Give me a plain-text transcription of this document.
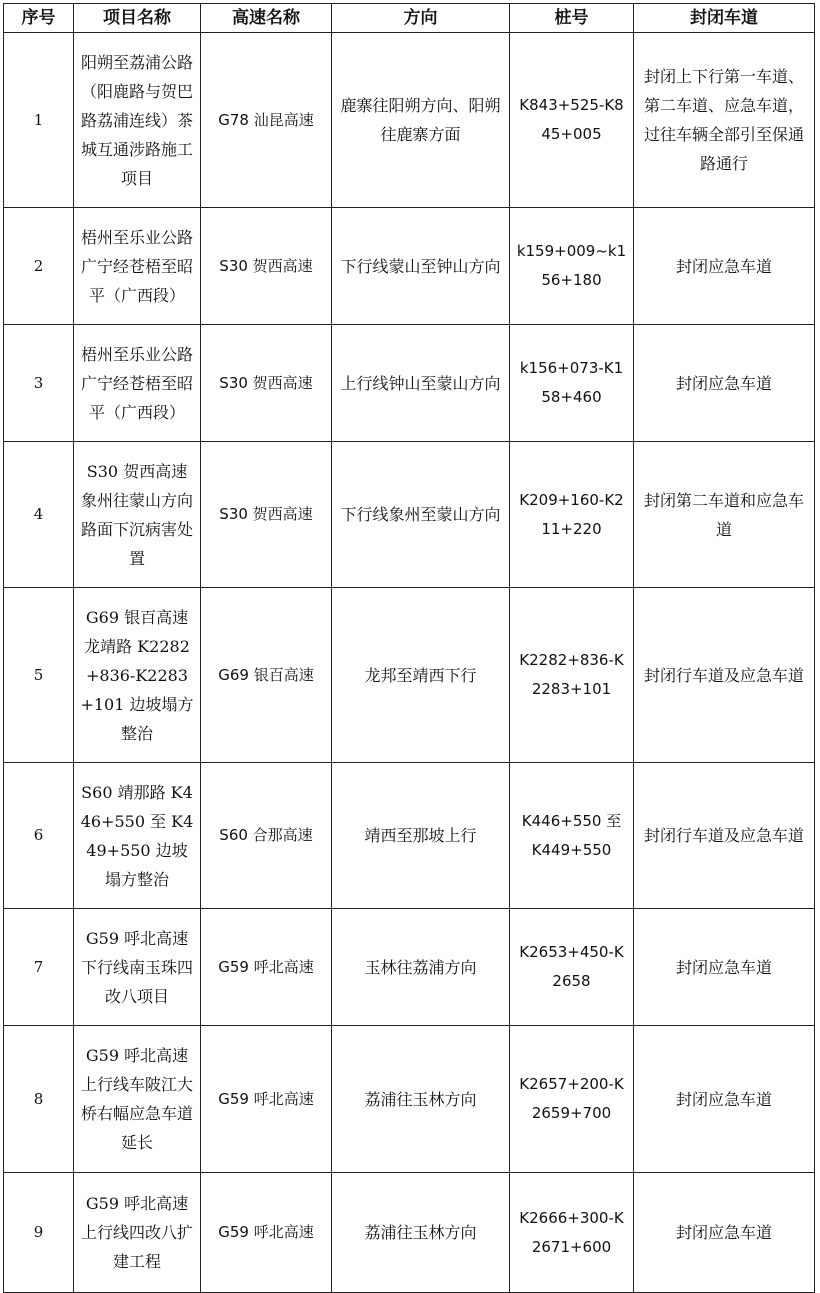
序号	项目名称	高速名称	方向	桩号	封闭车道
1	阳朔至荔浦公路（阳鹿路与贺巴路荔浦连线）茶城互通涉路施工项目	G78 汕昆高速	鹿寨往阳朔方向、阳朔往鹿寨方面	K843+525-K845+005	封闭上下行第一车道、第二车道、应急车道，过往车辆全部引至保通路通行
2	梧州至乐业公路广宁经苍梧至昭平（广西段）	S30 贺西高速	下行线蒙山至钟山方向	k159+009~k156+180	封闭应急车道
3	梧州至乐业公路广宁经苍梧至昭平（广西段）	S30 贺西高速	上行线钟山至蒙山方向	k156+073-K158+460	封闭应急车道
4	S30 贺西高速象州往蒙山方向路面下沉病害处置	S30 贺西高速	下行线象州至蒙山方向	K209+160-K211+220	封闭第二车道和应急车道
5	G69 银百高速龙靖路 K2282+836-K2283+101 边坡塌方整治	G69 银百高速	龙邦至靖西下行	K2282+836-K2283+101	封闭行车道及应急车道
6	S60 靖那路 K446+550 至 K449+550 边坡塌方整治	S60 合那高速	靖西至那坡上行	K446+550 至 K449+550	封闭行车道及应急车道
7	G59 呼北高速下行线南玉珠四改八项目	G59 呼北高速	玉林往荔浦方向	K2653+450-K2658	封闭应急车道
8	G59 呼北高速上行线车陂江大桥右幅应急车道延长	G59 呼北高速	荔浦往玉林方向	K2657+200-K2659+700	封闭应急车道
9	G59 呼北高速上行线四改八扩建工程	G59 呼北高速	荔浦往玉林方向	K2666+300-K2671+600	封闭应急车道
